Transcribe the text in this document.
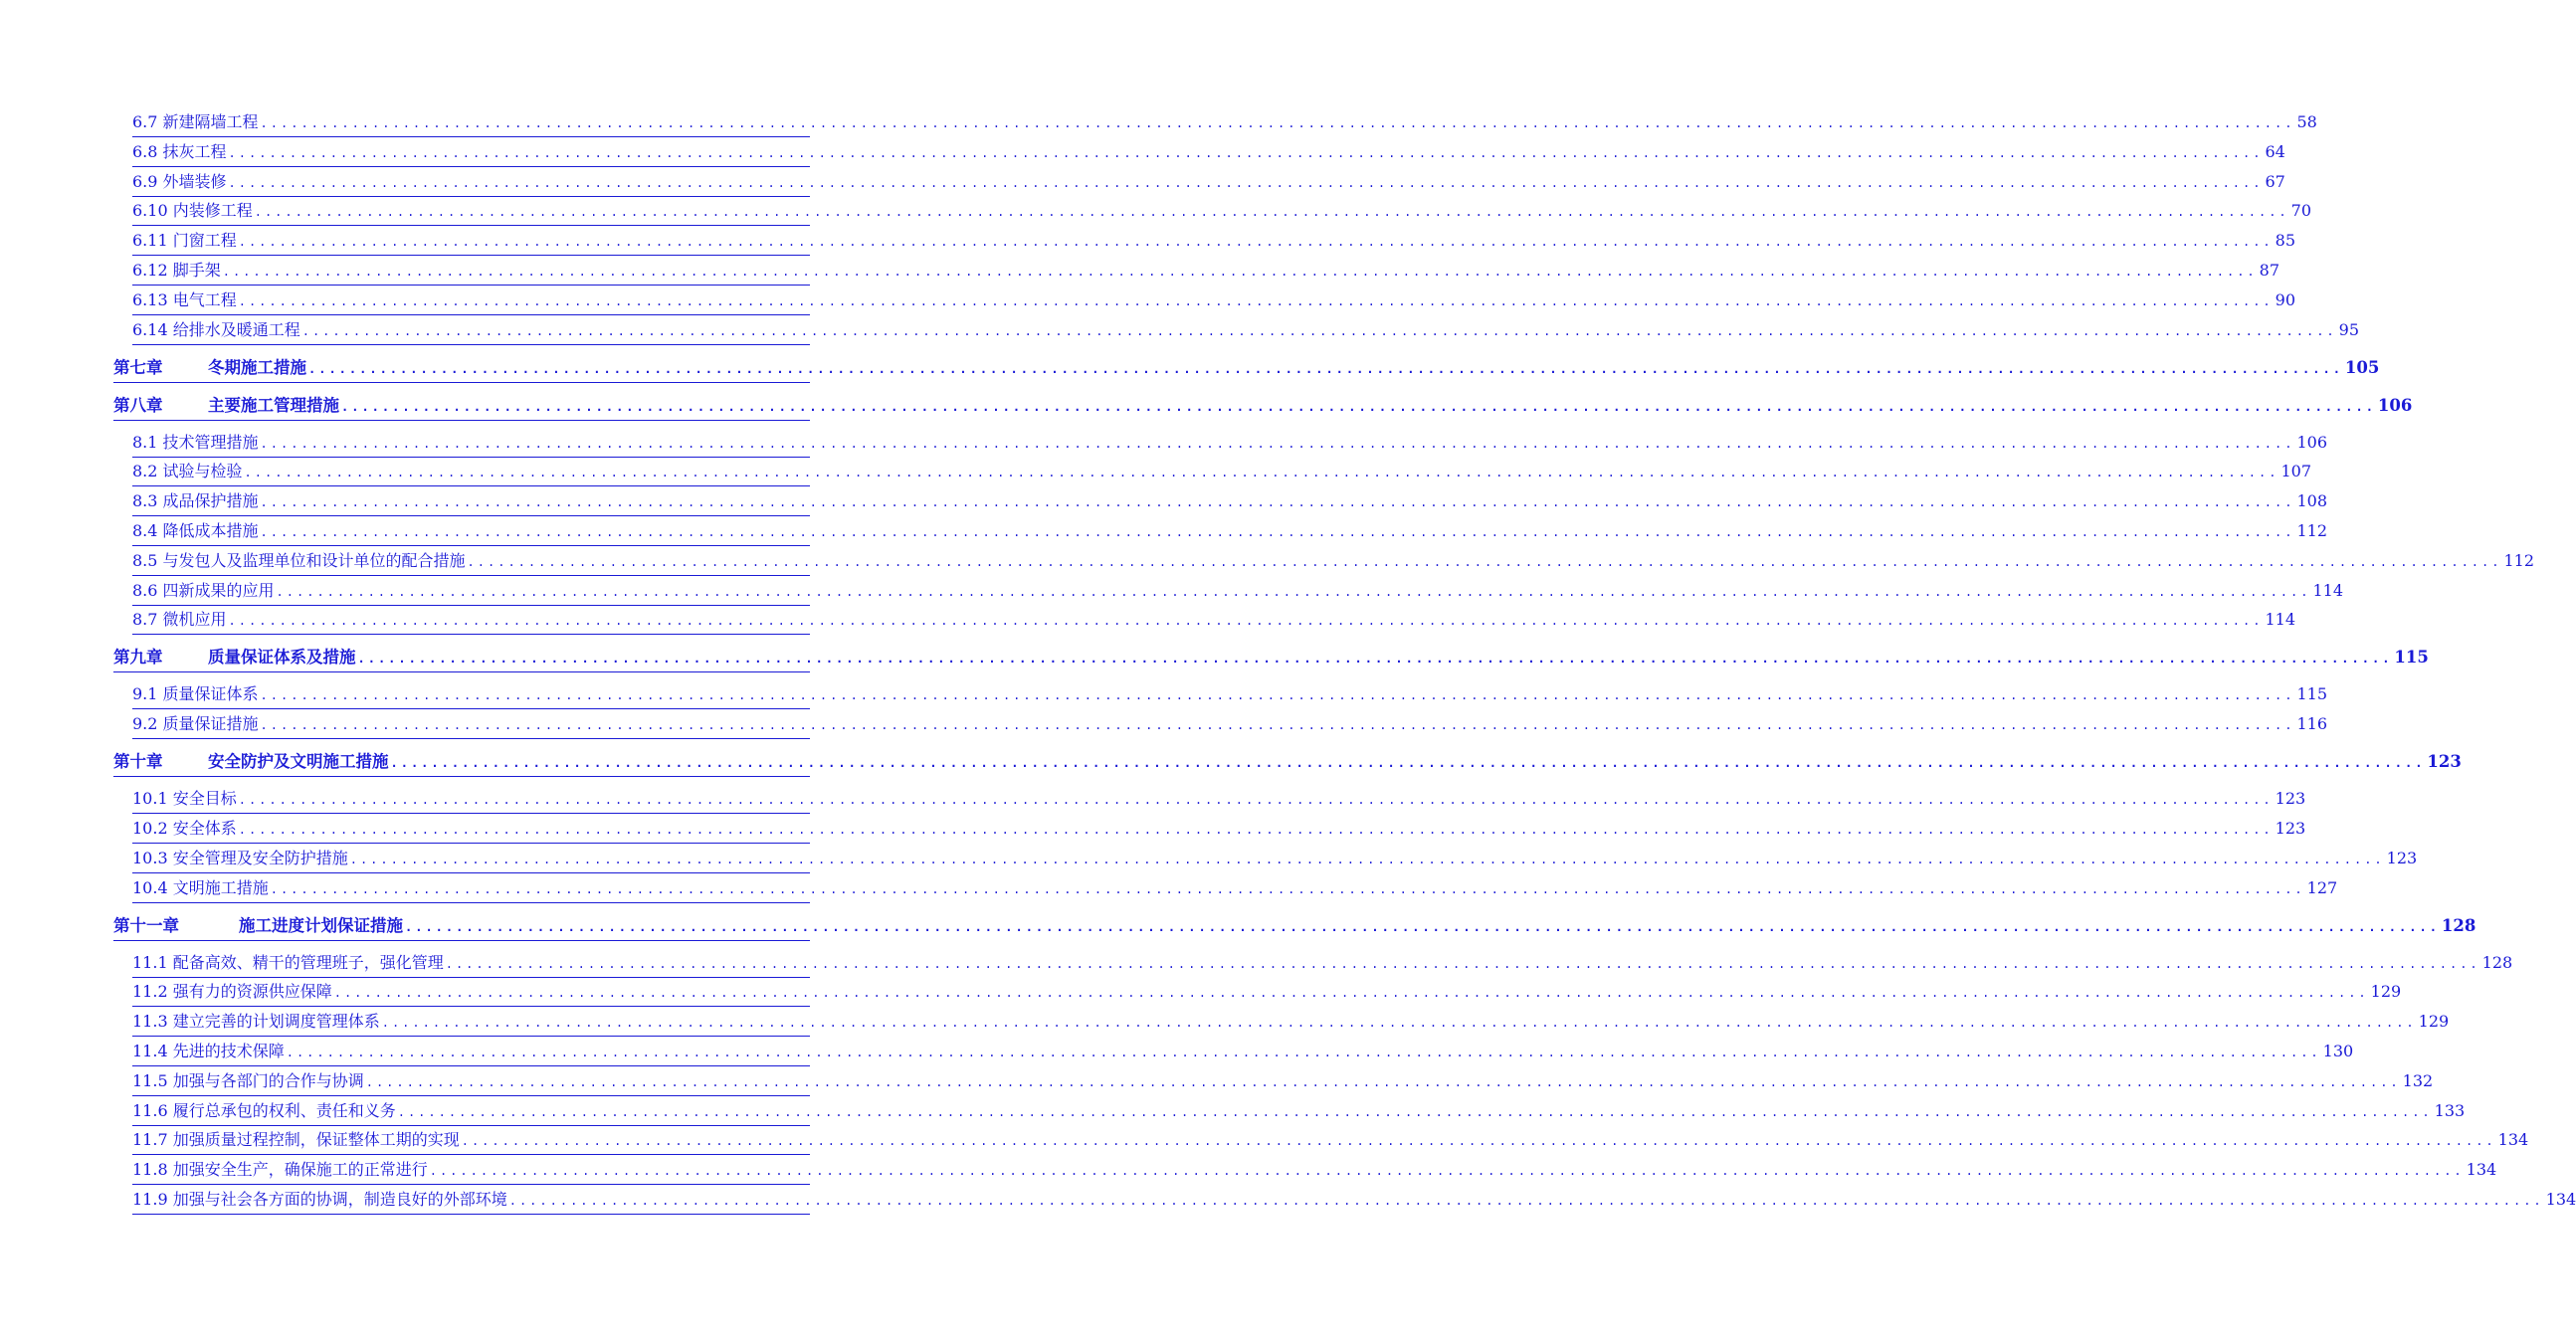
6.7 新建隔墙工程 ........................................................................................................................................................................................................ 58
6.8 抹灰工程 ........................................................................................................................................................................................................ 64
6.9 外墙装修 ........................................................................................................................................................................................................ 67
6.10 内装修工程 ........................................................................................................................................................................................................ 70
6.11 门窗工程 ........................................................................................................................................................................................................ 85
6.12 脚手架 ........................................................................................................................................................................................................ 87
6.13 电气工程 ........................................................................................................................................................................................................ 90
6.14 给排水及暖通工程 ........................................................................................................................................................................................................ 95
第七章	冬期施工措施 ........................................................................................................................................................................................................ 105
第八章	主要施工管理措施 ........................................................................................................................................................................................................ 106
8.1 技术管理措施 ........................................................................................................................................................................................................ 106
8.2 试验与检验 ........................................................................................................................................................................................................ 107
8.3 成品保护措施 ........................................................................................................................................................................................................ 108
8.4 降低成本措施 ........................................................................................................................................................................................................ 112
8.5 与发包人及监理单位和设计单位的配合措施 ........................................................................................................................................................................................................ 112
8.6 四新成果的应用 ........................................................................................................................................................................................................ 114
8.7 微机应用 ........................................................................................................................................................................................................ 114
第九章	质量保证体系及措施 ........................................................................................................................................................................................................ 115
9.1 质量保证体系 ........................................................................................................................................................................................................ 115
9.2 质量保证措施 ........................................................................................................................................................................................................ 116
第十章	安全防护及文明施工措施 ........................................................................................................................................................................................................ 123
10.1 安全目标 ........................................................................................................................................................................................................ 123
10.2 安全体系 ........................................................................................................................................................................................................ 123
10.3 安全管理及安全防护措施 ........................................................................................................................................................................................................ 123
10.4 文明施工措施 ........................................................................................................................................................................................................ 127
第十一章	施工进度计划保证措施 ........................................................................................................................................................................................................ 128
11.1 配备高效、精干的管理班子，强化管理 ........................................................................................................................................................................................................ 128
11.2 强有力的资源供应保障 ........................................................................................................................................................................................................ 129
11.3 建立完善的计划调度管理体系 ........................................................................................................................................................................................................ 129
11.4 先进的技术保障 ........................................................................................................................................................................................................ 130
11.5 加强与各部门的合作与协调 ........................................................................................................................................................................................................ 132
11.6 履行总承包的权利、责任和义务 ........................................................................................................................................................................................................ 133
11.7 加强质量过程控制，保证整体工期的实现 ........................................................................................................................................................................................................ 134
11.8 加强安全生产，确保施工的正常进行 ........................................................................................................................................................................................................ 134
11.9 加强与社会各方面的协调，制造良好的外部环境 ........................................................................................................................................................................................................ 134
